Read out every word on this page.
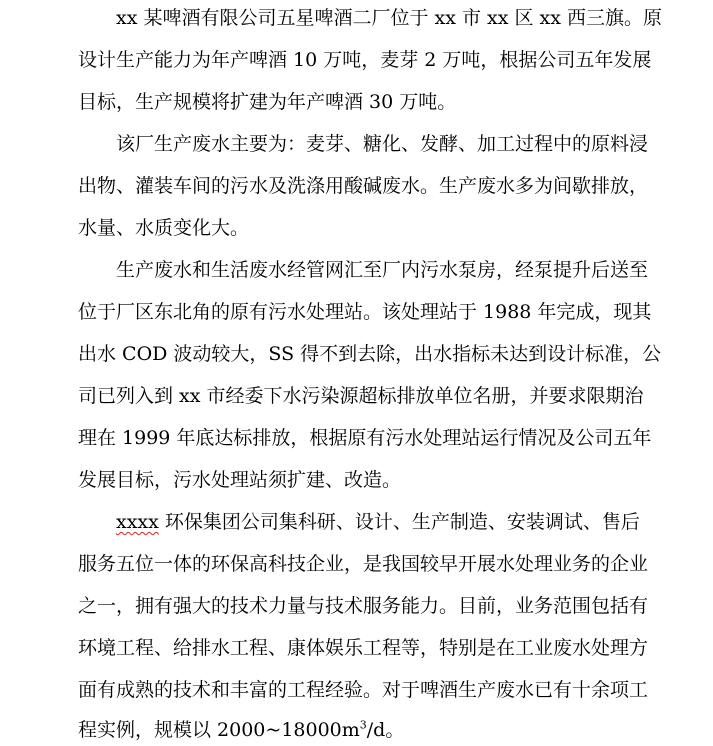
xx 某啤酒有限公司五星啤酒二厂位于 xx 市 xx 区 xx 西三旗。原
设计生产能力为年产啤酒 10 万吨，麦芽 2 万吨，根据公司五年发展
目标，生产规模将扩建为年产啤酒 30 万吨。
该厂生产废水主要为：麦芽、糖化、发酵、加工过程中的原料浸
出物、灌装车间的污水及洗涤用酸碱废水。生产废水多为间歇排放，
水量、水质变化大。
生产废水和生活废水经管网汇至厂内污水泵房，经泵提升后送至
位于厂区东北角的原有污水处理站。该处理站于 1988 年完成，现其
出水 COD 波动较大，SS 得不到去除，出水指标未达到设计标准，公
司已列入到 xx 市经委下水污染源超标排放单位名册，并要求限期治
理在 1999 年底达标排放，根据原有污水处理站运行情况及公司五年
发展目标，污水处理站须扩建、改造。
xxxx 环保集团公司集科研、设计、生产制造、安装调试、售后
服务五位一体的环保高科技企业，是我国较早开展水处理业务的企业
之一，拥有强大的技术力量与技术服务能力。目前，业务范围包括有
环境工程、给排水工程、康体娱乐工程等，特别是在工业废水处理方
面有成熟的技术和丰富的工程经验。对于啤酒生产废水已有十余项工
程实例，规模以 $2000\sim 18000m^3/d$。
